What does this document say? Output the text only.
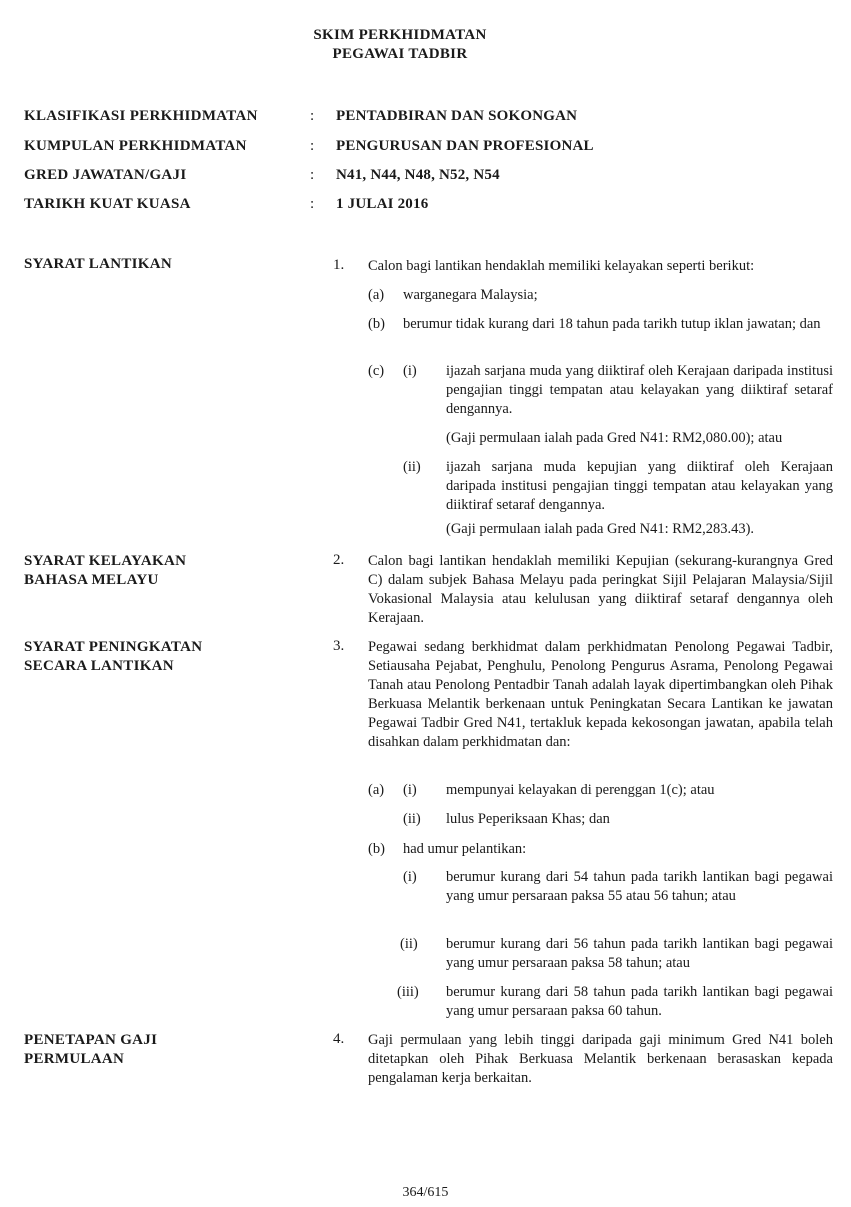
SKIM PERKHIDMATAN
PEGAWAI TADBIR
KLASIFIKASI PERKHIDMATAN	: PENTADBIRAN DAN SOKONGAN
KUMPULAN PERKHIDMATAN	: PENGURUSAN DAN PROFESIONAL
GRED JAWATAN/GAJI	: N41, N44, N48, N52, N54
TARIKH KUAT KUASA	: 1 JULAI 2016
SYARAT LANTIKAN	1. Calon bagi lantikan hendaklah memiliki kelayakan seperti berikut:
(a) warganegara Malaysia;
(b) berumur tidak kurang dari 18 tahun pada tarikh tutup iklan jawatan; dan
(c) (i) ijazah sarjana muda yang diiktiraf oleh Kerajaan daripada institusi pengajian tinggi tempatan atau kelayakan yang diiktiraf setaraf dengannya.
(Gaji permulaan ialah pada Gred N41: RM2,080.00); atau
(ii) ijazah sarjana muda kepujian yang diiktiraf oleh Kerajaan daripada institusi pengajian tinggi tempatan atau kelayakan yang diiktiraf setaraf dengannya.
(Gaji permulaan ialah pada Gred N41: RM2,283.43).
SYARAT KELAYAKAN
BAHASA MELAYU
2. Calon bagi lantikan hendaklah memiliki Kepujian (sekurang-kurangnya Gred C) dalam subjek Bahasa Melayu pada peringkat Sijil Pelajaran Malaysia/Sijil Vokasional Malaysia atau kelulusan yang diiktiraf setaraf dengannya oleh Kerajaan.
SYARAT PENINGKATAN
SECARA LANTIKAN
3. Pegawai sedang berkhidmat dalam perkhidmatan Penolong Pegawai Tadbir, Setiausaha Pejabat, Penghulu, Penolong Pengurus Asrama, Penolong Pegawai Tanah atau Penolong Pentadbir Tanah adalah layak dipertimbangkan oleh Pihak Berkuasa Melantik berkenaan untuk Peningkatan Secara Lantikan ke jawatan Pegawai Tadbir Gred N41, tertakluk kepada kekosongan jawatan, apabila telah disahkan dalam perkhidmatan dan:
(a) (i) mempunyai kelayakan di perenggan 1(c); atau
(ii) lulus Peperiksaan Khas; dan
(b) had umur pelantikan:
(i) berumur kurang dari 54 tahun pada tarikh lantikan bagi pegawai yang umur persaraan paksa 55 atau 56 tahun; atau
(ii) berumur kurang dari 56 tahun pada tarikh lantikan bagi pegawai yang umur persaraan paksa 58 tahun; atau
(iii) berumur kurang dari 58 tahun pada tarikh lantikan bagi pegawai yang umur persaraan paksa 60 tahun.
PENETAPAN GAJI
PERMULAAN
4. Gaji permulaan yang lebih tinggi daripada gaji minimum Gred N41 boleh ditetapkan oleh Pihak Berkuasa Melantik berkenaan berasaskan kepada pengalaman kerja berkaitan.
364/615
